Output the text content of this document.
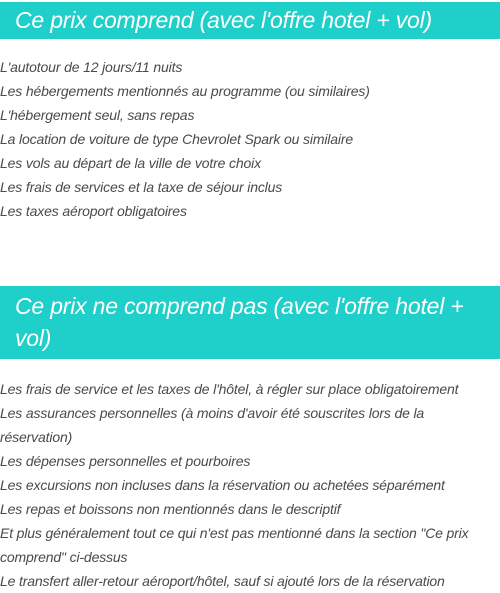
Ce prix comprend (avec l'offre hotel + vol)
L'autotour de 12 jours/11 nuits
Les hébergements mentionnés au programme (ou similaires)
L'hébergement seul, sans repas
La location de voiture de type Chevrolet Spark ou similaire
Les vols au départ de la ville de votre choix
Les frais de services et la taxe de séjour inclus
Les taxes aéroport obligatoires
Ce prix ne comprend pas (avec l'offre hotel + vol)
Les frais de service et les taxes de l'hôtel, à régler sur place obligatoirement
Les assurances personnelles (à moins d'avoir été souscrites lors de la réservation)
Les dépenses personnelles et pourboires
Les excursions non incluses dans la réservation ou achetées séparément
Les repas et boissons non mentionnés dans le descriptif
Et plus généralement tout ce qui n'est pas mentionné dans la section "Ce prix comprend" ci-dessus
Le transfert aller-retour aéroport/hôtel, sauf si ajouté lors de la réservation
